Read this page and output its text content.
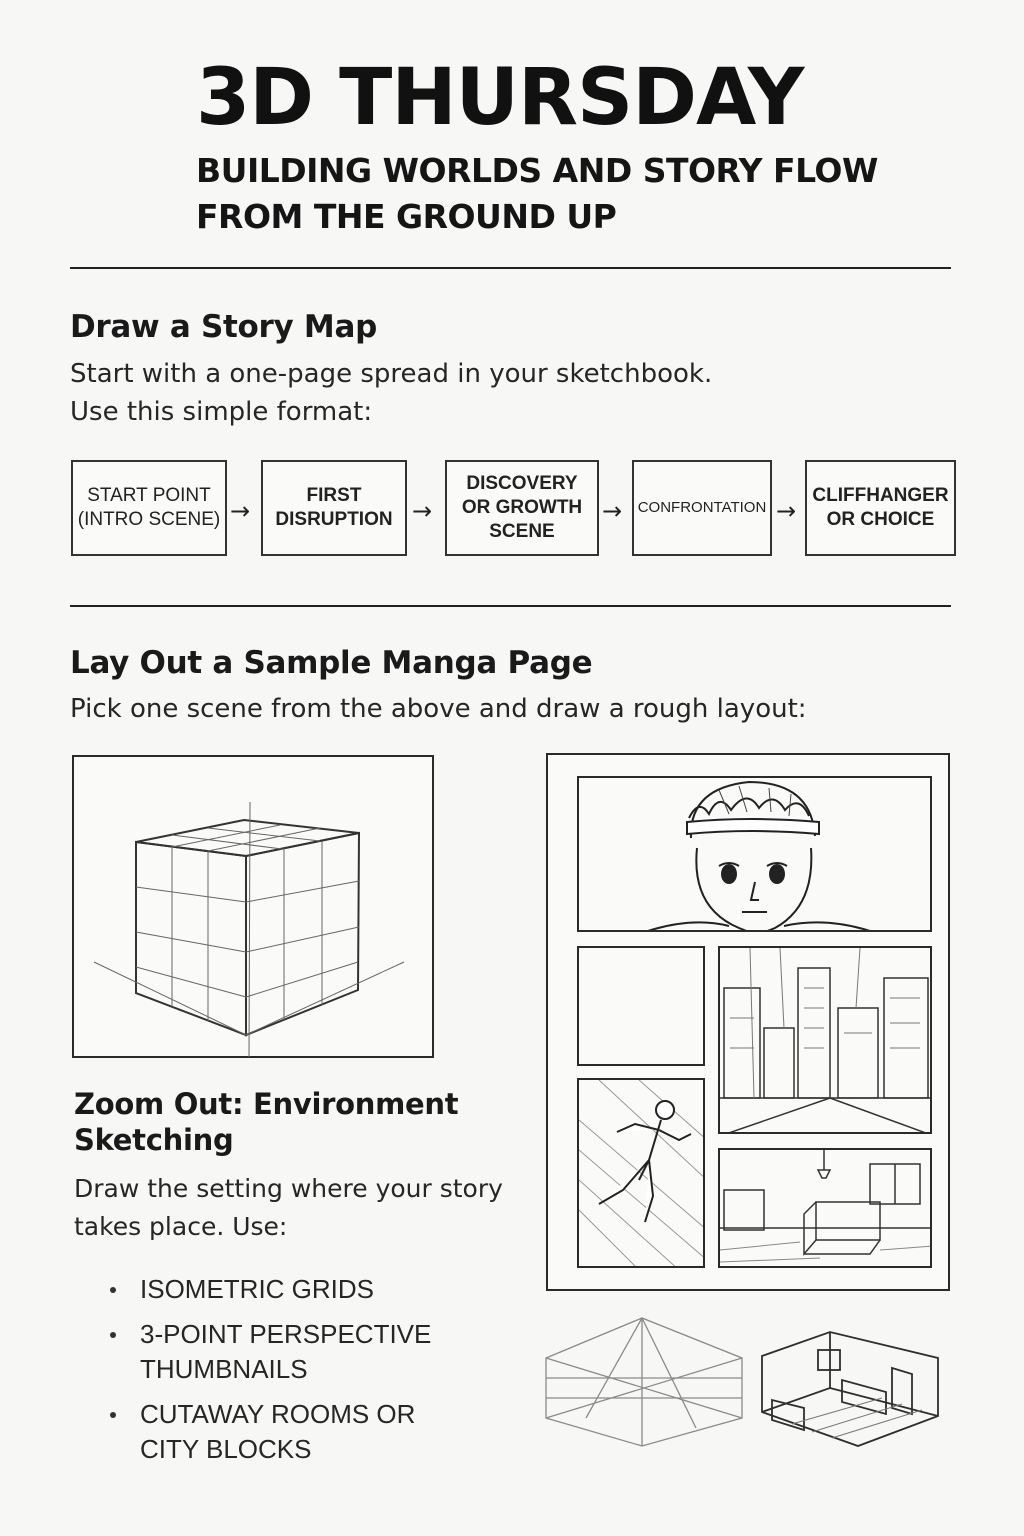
3D THURSDAY

BUILDING WORLDS AND STORY FLOW FROM THE GROUND UP

Draw a Story Map

Start with a one-page spread in your sketchbook.

Use this simple format:

START POINT
(INTRO SCENE) →
FIRST
DISRUPTION →
DISCOVERY
OR GROWTH
SCENE
→ CONFRONTATION →
CLIFFHANGER
OR CHOICE
Lay Out a Sample Manga Page

Pick one scene from the above and draw a rough layout:

Zoom Out: Environment
Sketching

Draw the setting where your story

takes place. Use:

ISOMETRIC GRIDS
3-POINT PERSPECTIVE THUMBNAILS
CUTAWAY ROOMS OR CITY BLOCKS
